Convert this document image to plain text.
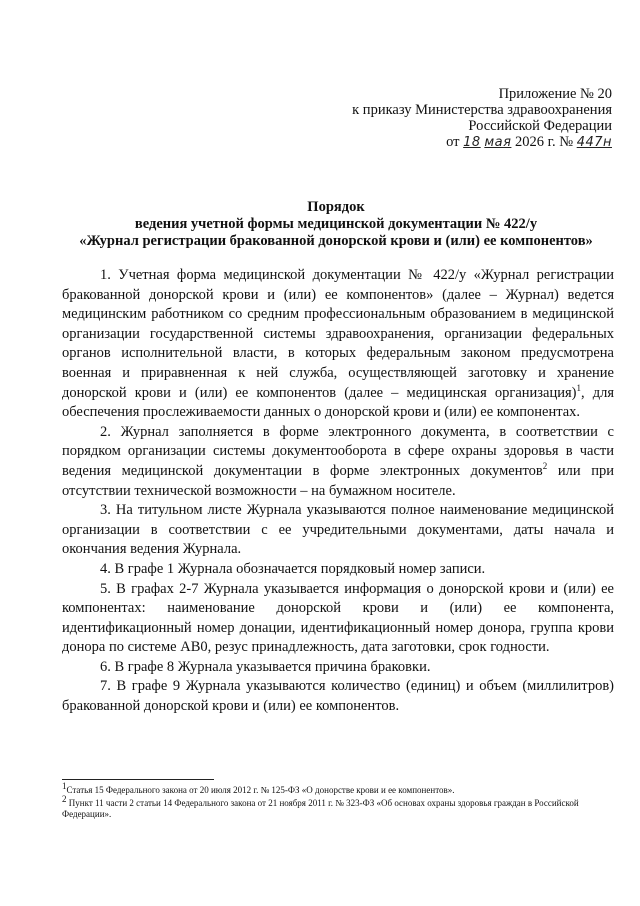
Приложение № 20
к приказу Министерства здравоохранения
Российской Федерации
от 18 мая 2026 г. № 447н
Порядок
ведения учетной формы медицинской документации № 422/у
«Журнал регистрации бракованной донорской крови и (или) ее компонентов»

1. Учетная форма медицинской документации № 422/у «Журнал регистрации бракованной донорской крови и (или) ее компонентов» (далее – Журнал) ведется медицинским работником со средним профессиональным образованием в медицинской организации государственной системы здравоохранения, организации федеральных органов исполнительной власти, в которых федеральным законом предусмотрена военная и приравненная к ней служба, осуществляющей заготовку и хранение донорской крови и (или) ее компонентов (далее – медицинская организация)$^1$, для обеспечения прослеживаемости данных о донорской крови и (или) ее компонентах.

2. Журнал заполняется в форме электронного документа, в соответствии с порядком организации системы документооборота в сфере охраны здоровья в части ведения медицинской документации в форме электронных документов$^2$ или при отсутствии технической возможности – на бумажном носителе.

3. На титульном листе Журнала указываются полное наименование медицинской организации в соответствии с ее учредительными документами, даты начала и окончания ведения Журнала.

4. В графе 1 Журнала обозначается порядковый номер записи.

5. В графах 2-7 Журнала указывается информация о донорской крови и (или) ее компонентах: наименование донорской крови и (или) ее компонента, идентификационный номер донации, идентификационный номер донора, группа крови донора по системе АВ0, резус принадлежность, дата заготовки, срок годности.

6. В графе 8 Журнала указывается причина браковки.

7. В графе 9 Журнала указываются количество (единиц) и объем (миллилитров) бракованной донорской крови и (или) ее компонентов.

$^1$Статья 15 Федерального закона от 20 июля 2012 г. № 125-ФЗ «О донорстве крови и ее компонентов».

$^2$ Пункт 11 части 2 статьи 14 Федерального закона от 21 ноября 2011 г. № 323-ФЗ «Об основах охраны здоровья граждан в Российской Федерации».
